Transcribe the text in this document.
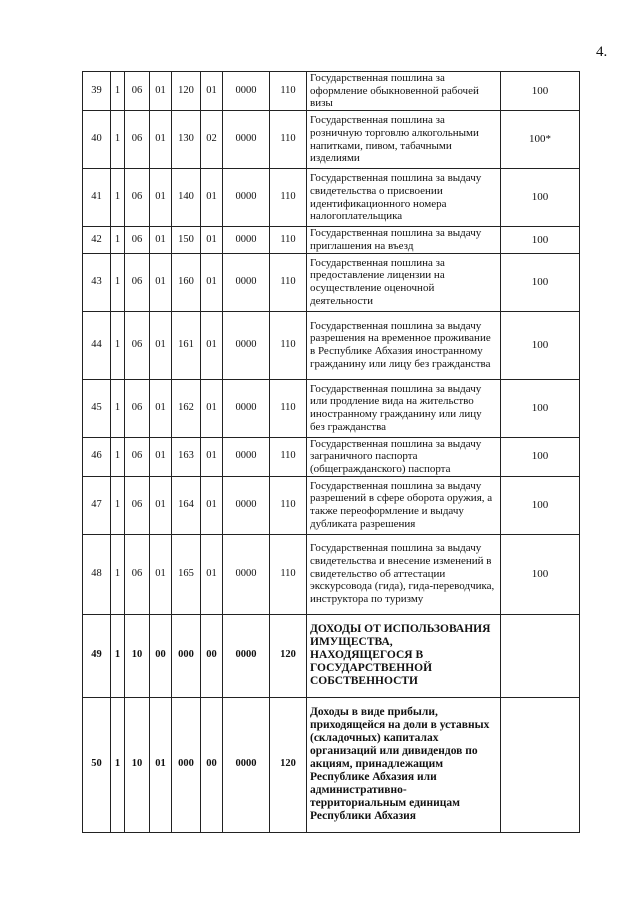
4.
39	1	06	01	120	01	0000	110	Государственная пошлина за оформление обыкновенной рабочей визы	100
40	1	06	01	130	02	0000	110	Государственная пошлина за розничную торговлю алкогольными напитками, пивом, табачными изделиями	100*
41	1	06	01	140	01	0000	110	Государственная пошлина за выдачу свидетельства о присвоении идентификационного номера налогоплательщика	100
42	1	06	01	150	01	0000	110	Государственная пошлина за выдачу приглашения на въезд	100
43	1	06	01	160	01	0000	110	Государственная пошлина за предоставление лицензии на осуществление оценочной деятельности	100
44	1	06	01	161	01	0000	110	Государственная пошлина за выдачу разрешения на временное проживание в Республике Абхазия иностранному гражданину или лицу без гражданства	100
45	1	06	01	162	01	0000	110	Государственная пошлина за выдачу или продление вида на жительство иностранному гражданину или лицу без гражданства	100
46	1	06	01	163	01	0000	110	Государственная пошлина за выдачу заграничного паспорта (общегражданского) паспорта	100
47	1	06	01	164	01	0000	110	Государственная пошлина за выдачу разрешений в сфере оборота оружия, а также переоформление и выдачу дубликата разрешения	100
48	1	06	01	165	01	0000	110	Государственная пошлина за выдачу свидетельства и внесение изменений в свидетельство об аттестации экскурсовода (гида), гида-переводчика, инструктора по туризму	100
49	1	10	00	000	00	0000	120	ДОХОДЫ ОТ ИСПОЛЬЗОВАНИЯ ИМУЩЕСТВА, НАХОДЯЩЕГОСЯ В ГОСУДАРСТВЕННОЙ СОБСТВЕННОСТИ	
50	1	10	01	000	00	0000	120	Доходы в виде прибыли, приходящейся на доли в уставных (складочных) капиталах организаций или дивидендов по акциям, принадлежащим Республике Абхазия или административно-территориальным единицам Республики Абхазия	
